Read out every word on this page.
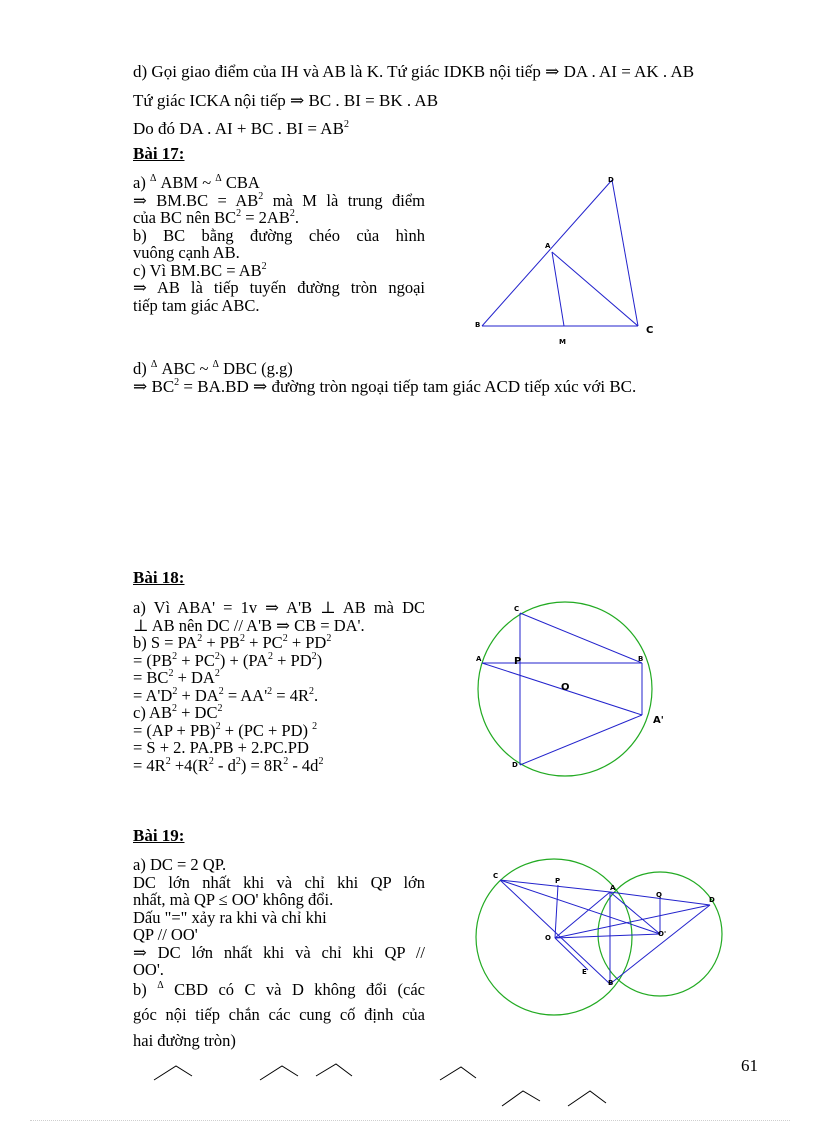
d) Gọi giao điểm của IH và AB là K. Tứ giác IDKB nội tiếp ⇒ DA . AI = AK . AB
Tứ giác ICKA nội tiếp ⇒ BC . BI = BK . AB
Do đó DA . AI + BC . BI = $AB^2$
Bài 17:
a) $^\Delta$ ABM ~ $^\Delta$ CBA
⇒ $BM.BC = AB^2$ mà M là trung điểm
của BC nên $BC^2 = 2AB^2$.
b) BC bằng đường chéo của hình
vuông cạnh AB.
c) Vì $BM.BC = AB^2$
⇒ AB là tiếp tuyến đường tròn ngoại
tiếp tam giác ABC.
D
A
B	C
M
d) $^\Delta$ ABC ~ $^\Delta$ DBC (g.g)
⇒ $BC^2 = BA.BD$ ⇒ đường tròn ngoại tiếp tam giác ACD tiếp xúc với BC.
Bài 18:
a) Vì ABA' = 1v ⇒ A'B ⊥ AB mà DC
⊥ AB nên DC // A'B ⇒ CB = DA'.
b) $S = PA^2 + PB^2 + PC^2 + PD^2$
= $(PB^2 + PC^2) + (PA^2 + PD^2)$
= $BC^2 + DA^2$
= $A'D^2 + DA^2 = AA'^2 = 4R^2$.
c) $AB^2 + DC^2$
= (AP + PB)$^2$ + (PC + PD) $^2$
= S + 2. PA.PB + 2.PC.PD
= $4R^2 +4(R^2 - d^2) = 8R^2 - 4d^2$
C
A	P	B
O
A'
D
Bài 19:
a) DC = 2 QP.
DC lớn nhất khi và chỉ khi QP lớn
nhất, mà QP ≤ OO' không đổi.
Dấu "=" xảy ra khi và chỉ khi
QP // OO'
⇒ DC lớn nhất khi và chỉ khi QP //
OO'.
b) $^\Delta$ CBD có C và D không đổi (các
góc nội tiếp chắn các cung cố định của
hai đường tròn)
C
P
A
Q
D
O	O'
E
B
61
